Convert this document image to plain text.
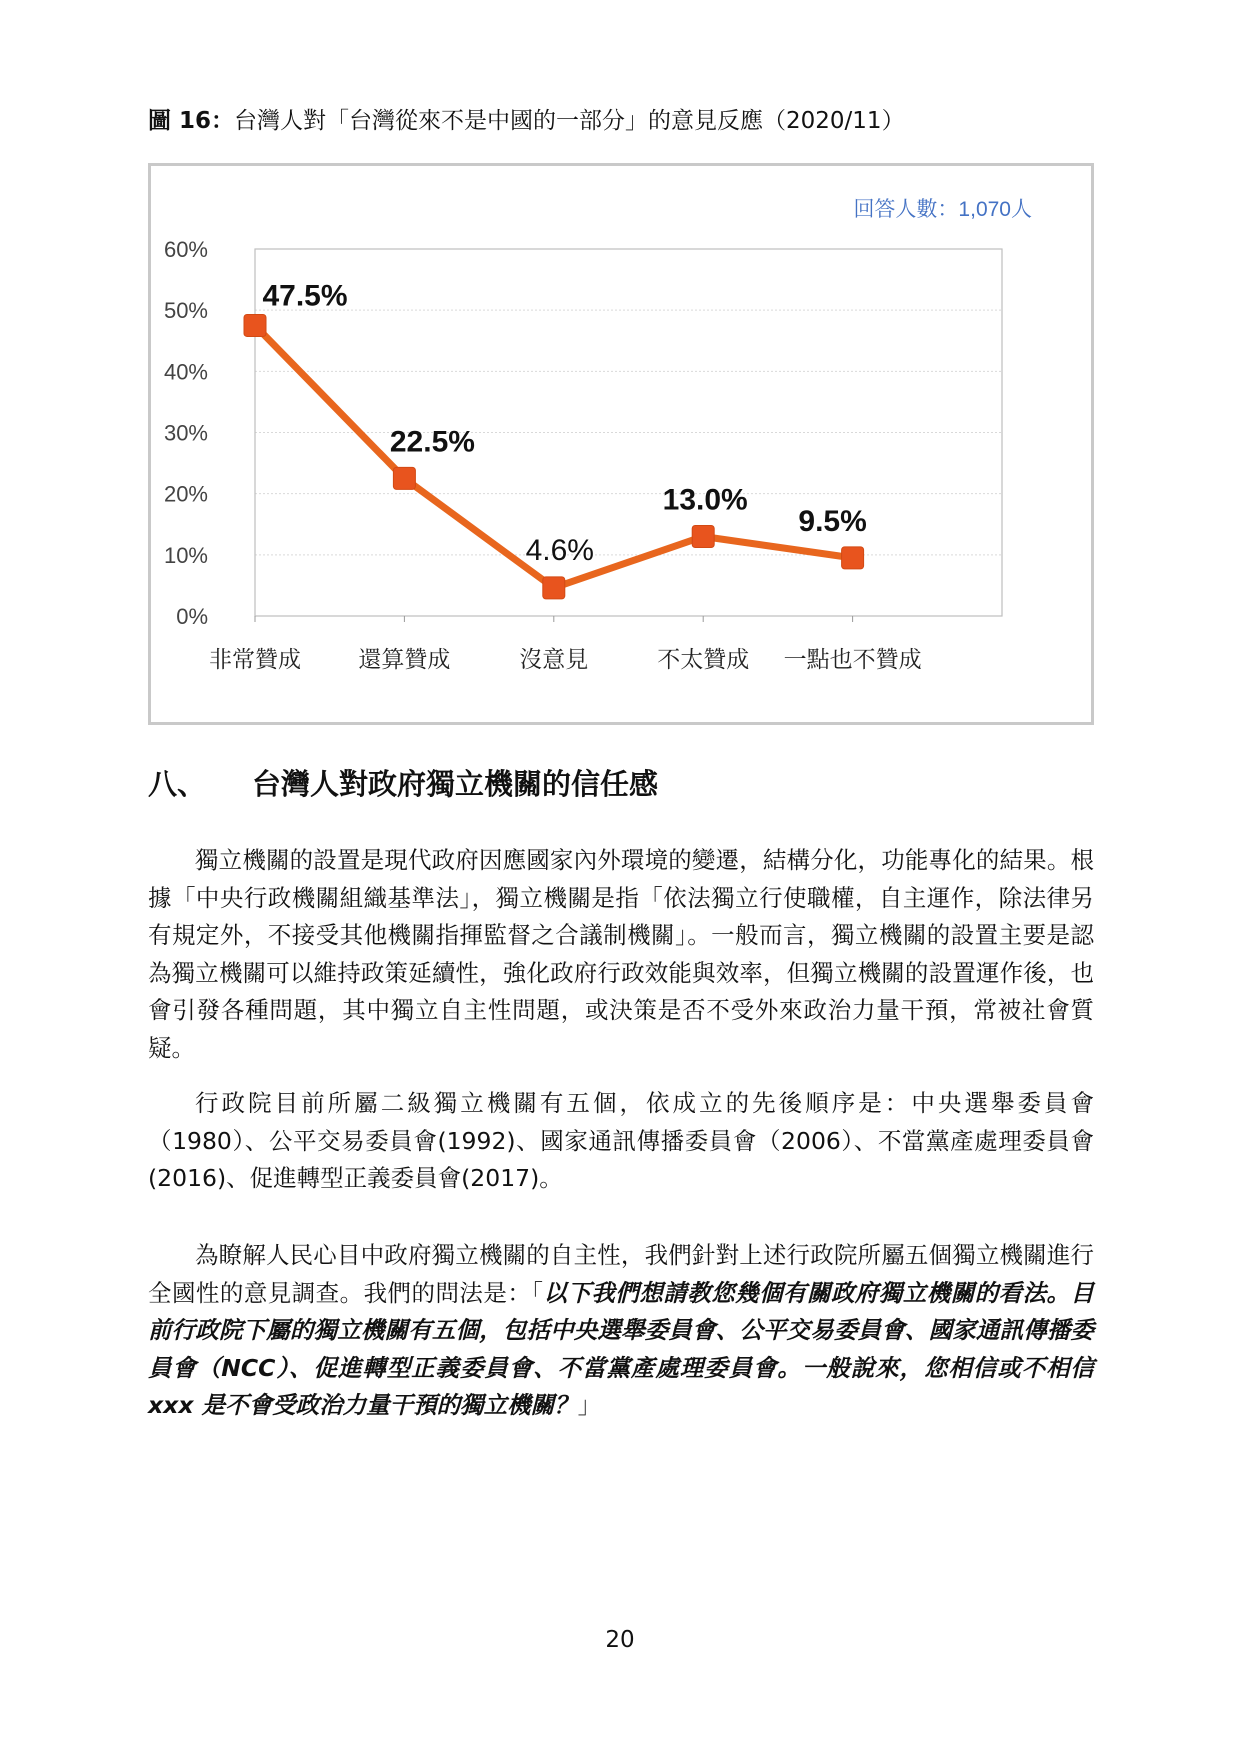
圖 16：台灣人對「台灣從來不是中國的一部分」的意見反應（2020/11）
回答人數：1,070人
0%
10%
20%
30%
40%
50%
60%
非常贊成 還算贊成	沒意見	不太贊成 一點也不贊成
47.5%
22.5%
4.6%
13.0%
9.5%
八、 台灣人對政府獨立機關的信任感

獨立機關的設置是現代政府因應國家內外環境的變遷，結構分化，功能專化的結果。根據「中央行政機關組織基準法」，獨立機關是指「依法獨立行使職權，自主運作，除法律另有規定外，不接受其他機關指揮監督之合議制機關」。一般而言，獨立機關的設置主要是認為獨立機關可以維持政策延續性，強化政府行政效能與效率，但獨立機關的設置運作後，也會引發各種問題，其中獨立自主性問題，或決策是否不受外來政治力量干預，常被社會質疑。

行政院目前所屬二級獨立機關有五個，依成立的先後順序是：中央選舉委員會（1980）、公平交易委員會(1992)、國家通訊傳播委員會（2006）、不當黨產處理委員會(2016)、促進轉型正義委員會(2017)。

為瞭解人民心目中政府獨立機關的自主性，我們針對上述行政院所屬五個獨立機關進行全國性的意見調查。我們的問法是：「以下我們想請教您幾個有關政府獨立機關的看法。目前行政院下屬的獨立機關有五個，包括中央選舉委員會、公平交易委員會、國家通訊傳播委員會（NCC）、促進轉型正義委員會、不當黨產處理委員會。一般說來，您相信或不相信 xxx 是不會受政治力量干預的獨立機關？」

20
